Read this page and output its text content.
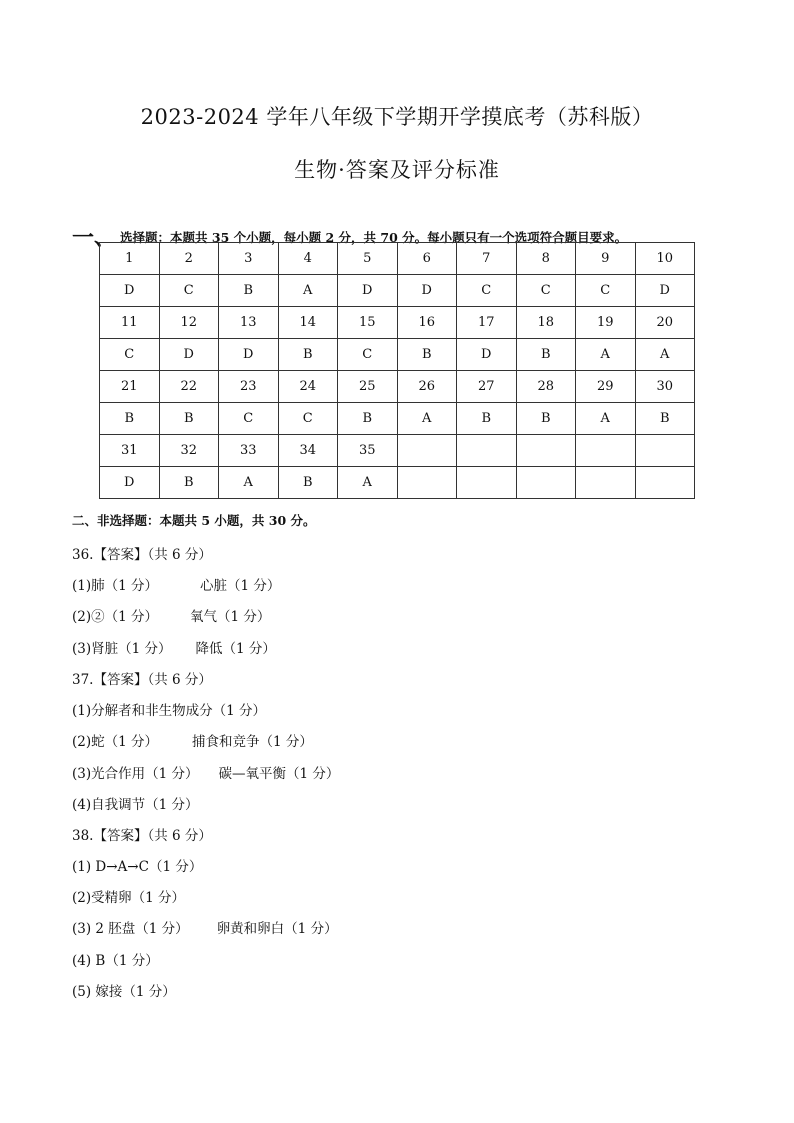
2023-2024 学年八年级下学期开学摸底考（苏科版）
生物·答案及评分标准
一、 选择题：本题共 35 个小题，每小题 2 分，共 70 分。每小题只有一个选项符合题目要求。
1	2	3	4	5	6	7	8	9	10
D	C	B	A	D	D	C	C	C	D
11	12	13	14	15	16	17	18	19	20
C	D	D	B	C	B	D	B	A	A
21	22	23	24	25	26	27	28	29	30
B	B	C	C	B	A	B	B	A	B
31	32	33	34	35					
D	B	A	B	A					
二、非选择题：本题共 5 小题，共 30 分。
36.【答案】（共 6 分）
(1)肺（1 分）	心脏（1 分）
(2)②（1 分） 氧气（1 分）
(3)肾脏（1 分） 降低（1 分）
37.【答案】（共 6 分）
(1)分解者和非生物成分（1 分）
(2)蛇（1 分）	捕食和竞争（1 分）
(3)光合作用（1 分） 碳—氧平衡（1 分）
(4)自我调节（1 分）
38.【答案】（共 6 分）
(1) D→A→C（1 分）
(2)受精卵（1 分）
(3) 2 胚盘（1 分） 卵黄和卵白（1 分）
(4) B（1 分）
(5) 嫁接（1 分）
